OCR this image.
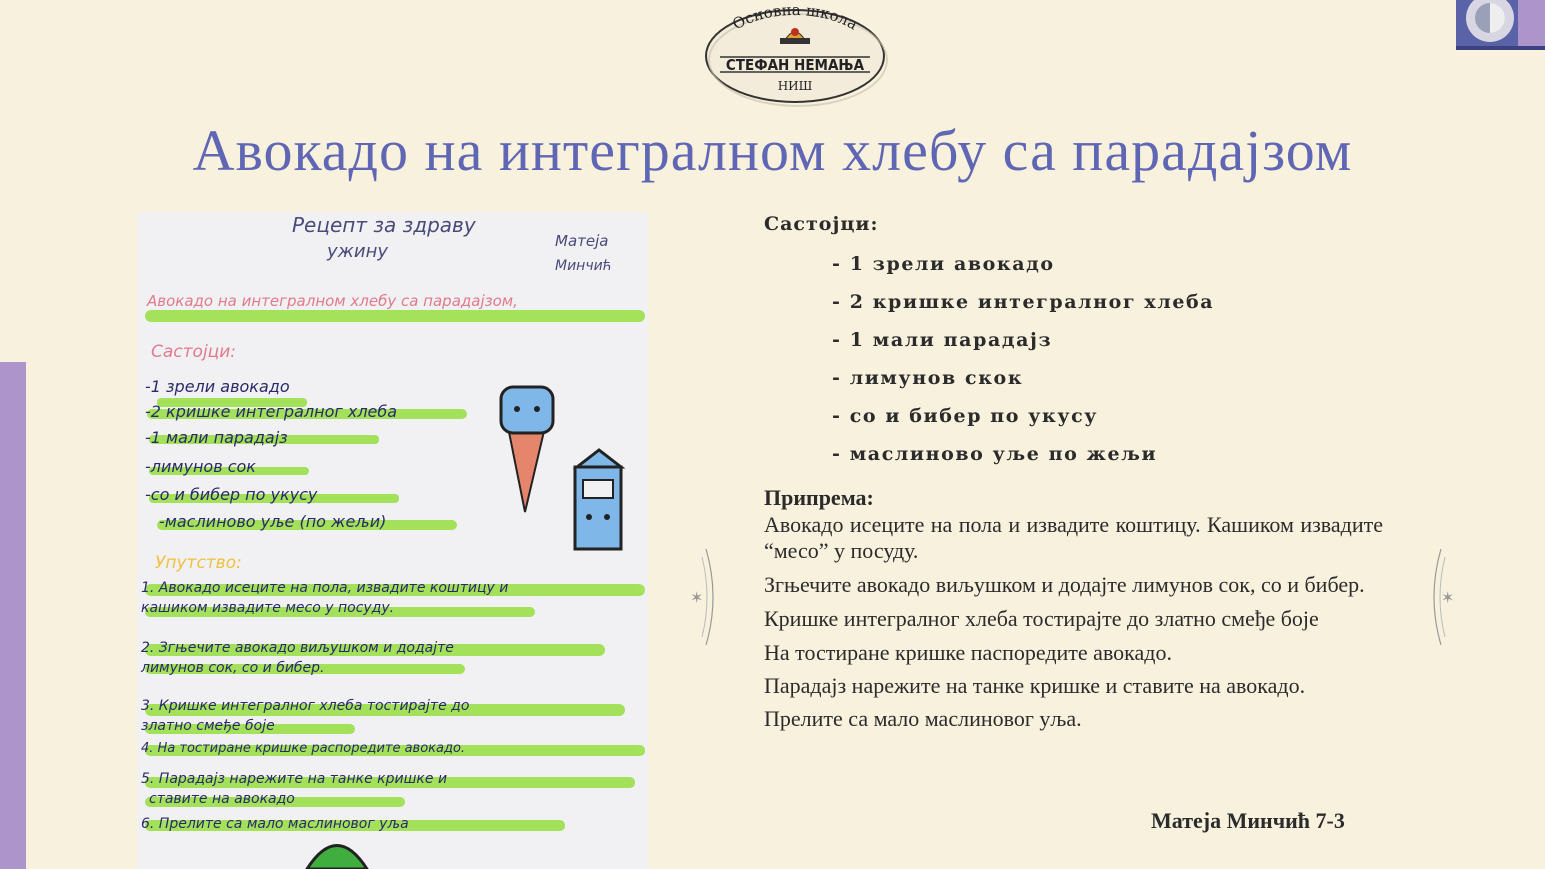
Основна школа
СТЕФАН НЕМАЊА
НИШ
Авокадо на интегралном хлебу са парадајзом
Рецепт за здраву
ужину	Матеја
Минчић
Авокадо на интегралном хлебу са парадајзом,
Састојци:
-1 зрели авокадо
-2 кришке интегралног хлеба
-1 мали парадајз
-лимунов сок
-со и бибер по укусу
-маслиново уље (по жељи)
Упутство:
1. Авокадо исеците на пола, извадите коштицу и
кашиком извадите месо у посуду.
2. Згњечите авокадо виљушком и додајте
лимунов сок, со и бибер.
3. Кришке интегралног хлеба тостирајте до
златно смеђе боје
4. На тостиране кришке распоредите авокадо.
5. Парадајз нарежите на танке кришке и
ставите на авокадо
6. Прелите са мало маслиновог уља
Састојци:
- 1 зрели авокадо
- 2 кришке интегралног хлеба
- 1 мали парадајз
- лимунов скок
- со и бибер по укусу
- маслиново уље по жељи
Припрема:

Авокадо исеците на пола и извадите коштицу. Кашиком извадите “месо” у посуду.

Згњечите авокадо виљушком и додајте лимунов сок, со и бибер.

Кришке интегралног хлеба тостирајте до златно смеђе боје

На тостиране кришке паспоредите авокадо.

Парадајз нарежите на танке кришке и ставите на авокадо.

Прелите са мало маслиновог уља.

Матеја Минчић 7-3
✶	✶
